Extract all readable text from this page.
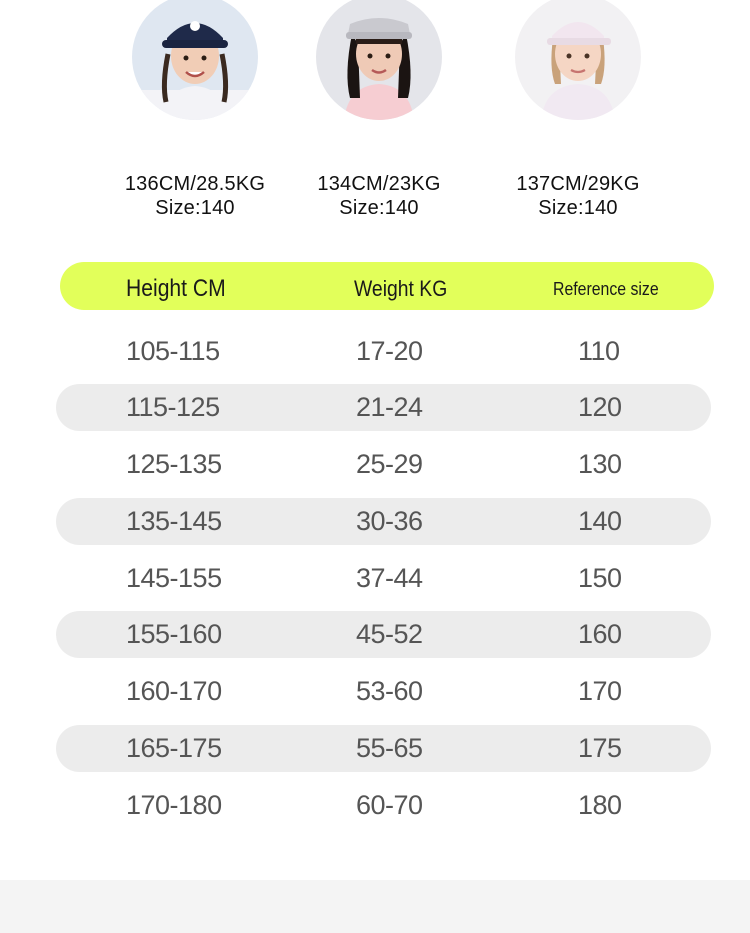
136CM/28.5KG
Size:140
134CM/23KG
Size:140
137CM/29KG
Size:140
Height CM	Weight KG	Reference size
105-115	17-20	110
115-125	21-24	120
125-135	25-29	130
135-145	30-36	140
145-155	37-44	150
155-160	45-52	160
160-170	53-60	170
165-175	55-65	175
170-180	60-70	180
